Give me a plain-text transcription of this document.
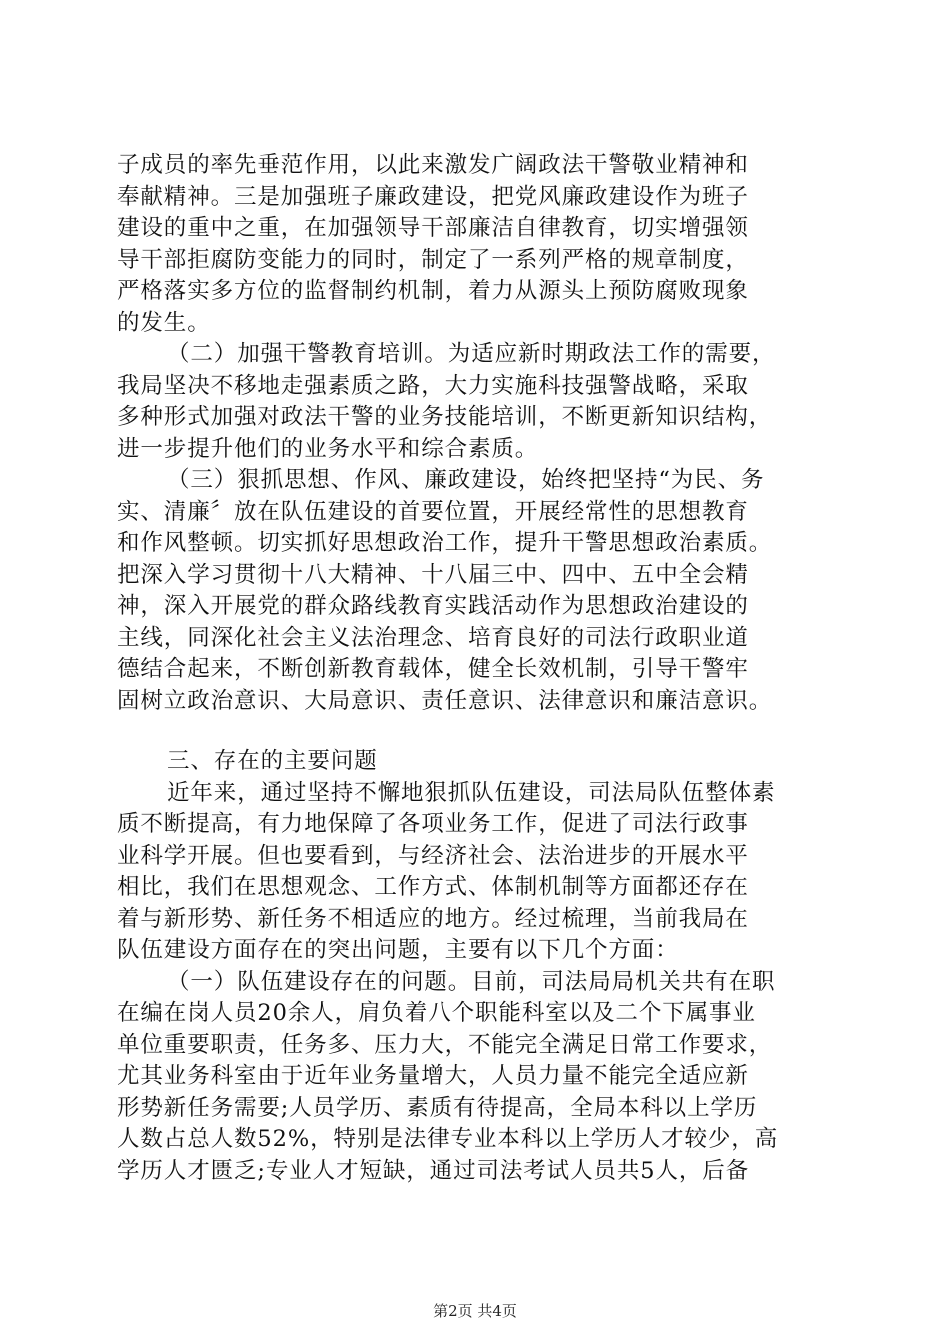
子成员的率先垂范作用，以此来激发广阔政法干警敬业精神和
奉献精神。三是加强班子廉政建设，把党风廉政建设作为班子
建设的重中之重，在加强领导干部廉洁自律教育，切实增强领
导干部拒腐防变能力的同时，制定了一系列严格的规章制度，
严格落实多方位的监督制约机制，着力从源头上预防腐败现象
的发生。
（二）加强干警教育培训。为适应新时期政法工作的需要，
我局坚决不移地走强素质之路，大力实施科技强警战略，采取
多种形式加强对政法干警的业务技能培训，不断更新知识结构，
进一步提升他们的业务水平和综合素质。
（三）狠抓思想、作风、廉政建设，始终把坚持“为民、务
实、清廉〞放在队伍建设的首要位置，开展经常性的思想教育
和作风整顿。切实抓好思想政治工作，提升干警思想政治素质。
把深入学习贯彻十八大精神、十八届三中、四中、五中全会精
神，深入开展党的群众路线教育实践活动作为思想政治建设的
主线，同深化社会主义法治理念、培育良好的司法行政职业道
德结合起来，不断创新教育载体，健全长效机制，引导干警牢
固树立政治意识、大局意识、责任意识、法律意识和廉洁意识。
三、存在的主要问题
近年来，通过坚持不懈地狠抓队伍建设，司法局队伍整体素
质不断提高，有力地保障了各项业务工作，促进了司法行政事
业科学开展。但也要看到，与经济社会、法治进步的开展水平
相比，我们在思想观念、工作方式、体制机制等方面都还存在
着与新形势、新任务不相适应的地方。经过梳理，当前我局在
队伍建设方面存在的突出问题，主要有以下几个方面：
（一）队伍建设存在的问题。目前，司法局局机关共有在职
在编在岗人员20余人，肩负着八个职能科室以及二个下属事业
单位重要职责，任务多、压力大，不能完全满足日常工作要求，
尤其业务科室由于近年业务量增大，人员力量不能完全适应新
形势新任务需要;人员学历、素质有待提高，全局本科以上学历
人数占总人数52%，特别是法律专业本科以上学历人才较少，高
学历人才匮乏;专业人才短缺，通过司法考试人员共5人，后备
第2页 共4页
